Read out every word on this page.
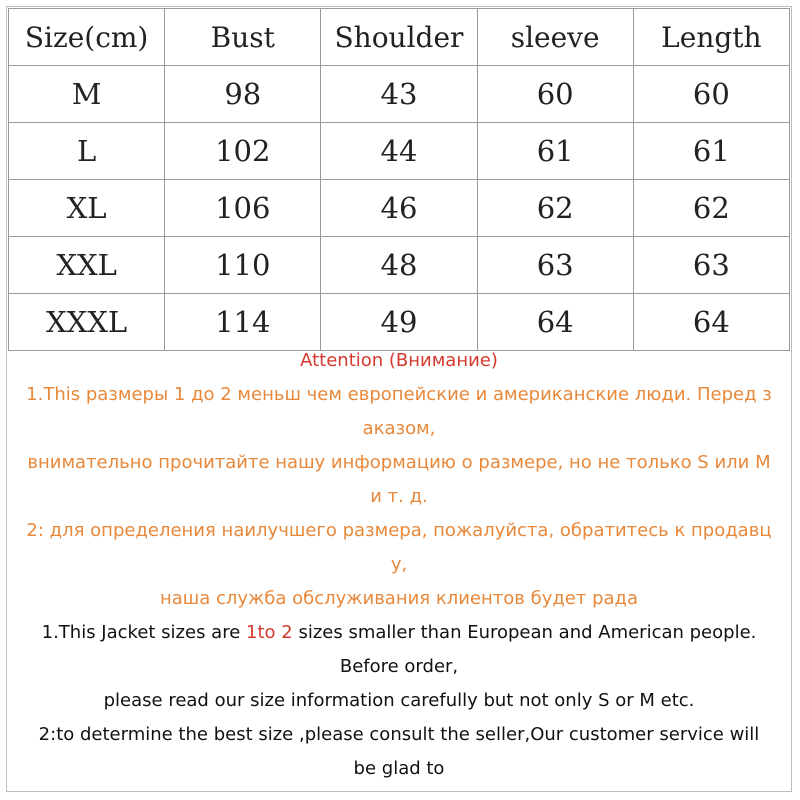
Size(cm)	Bust	Shoulder	sleeve	Length
M	98	43	60	60
L	102	44	61	61
XL	106	46	62	62
XXL	110	48	63	63
XXXL	114	49	64	64
Attention (Внимание)
1.This размеры 1 до 2 меньш чем европейские и американские люди. Перед з
аказом,
внимательно прочитайте нашу информацию о размере, но не только S или M
и т. д.
2: для определения наилучшего размера, пожалуйста, обратитесь к продавц
у,
наша служба обслуживания клиентов будет рада
1.This Jacket sizes are 1to 2 sizes smaller than European and American people.
Before order,
please read our size information carefully but not only S or M etc.
2:to determine the best size ,please consult the seller,Our customer service will
be glad to
